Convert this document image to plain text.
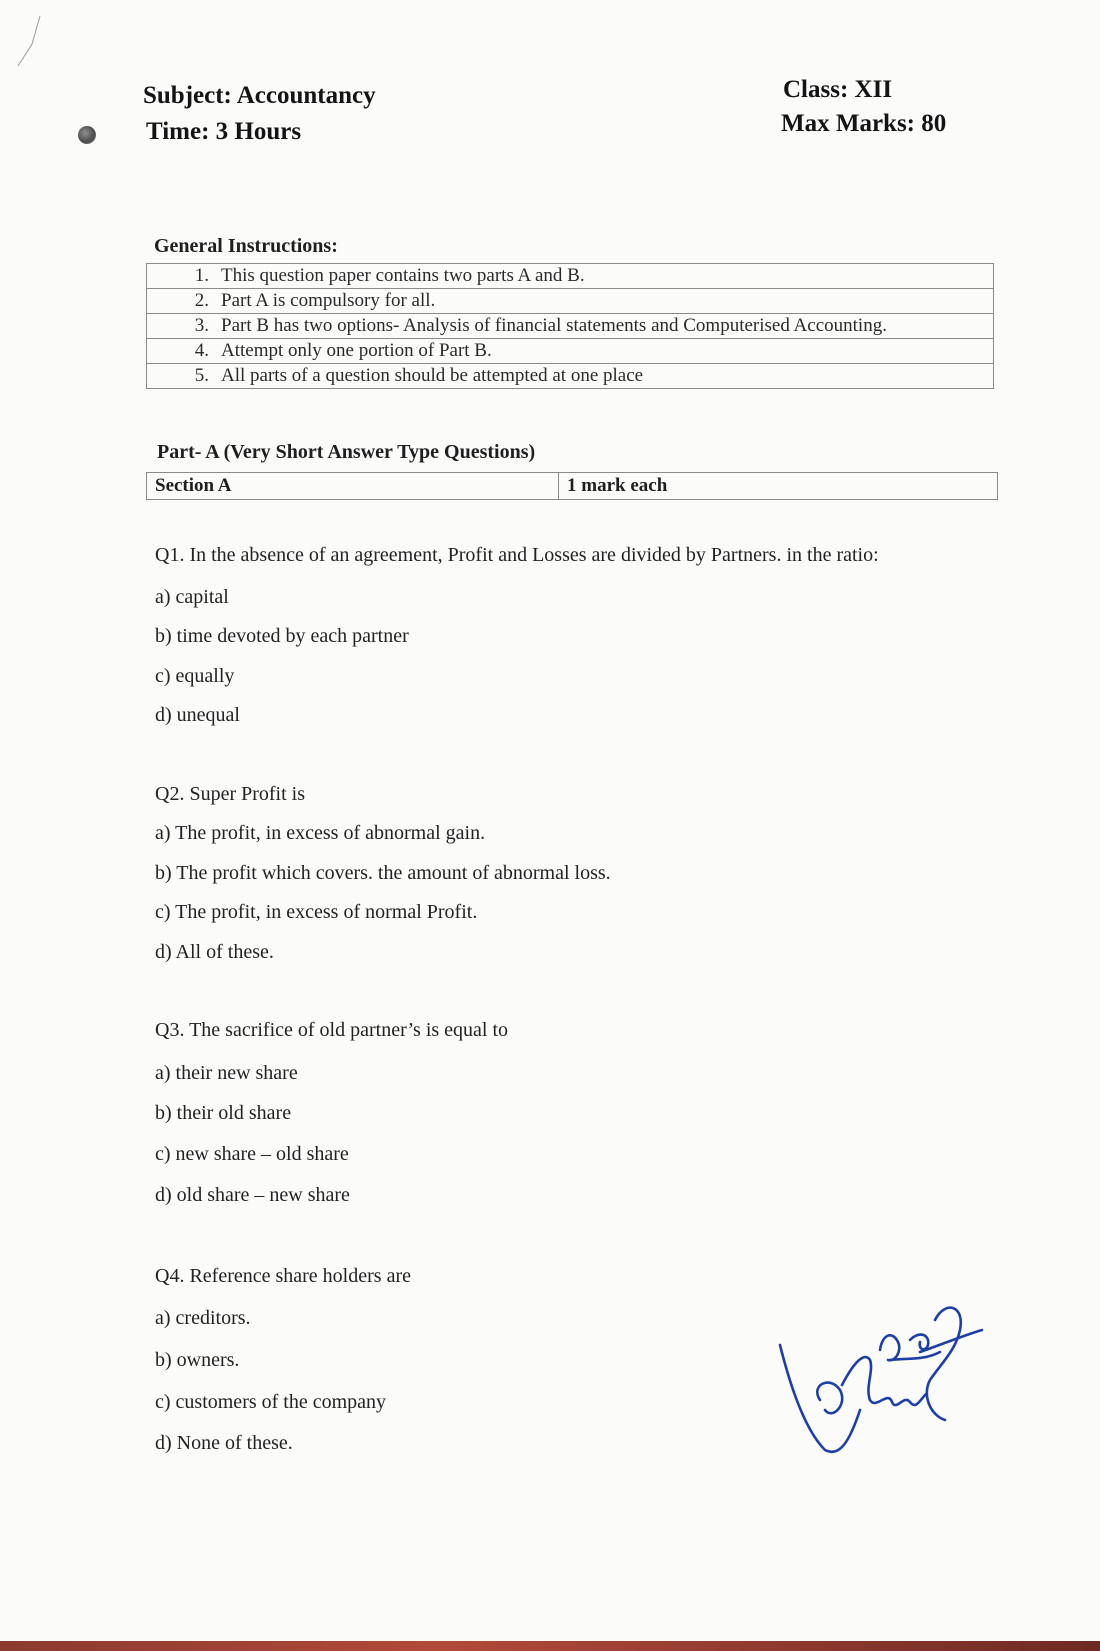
Subject: Accountancy
Time: 3 Hours
Class: XII
Max Marks: 80
General Instructions:
1. This question paper contains two parts A and B.
2. Part A is compulsory for all.
3. Part B has two options- Analysis of financial statements and Computerised Accounting.
4. Attempt only one portion of Part B.
5. All parts of a question should be attempted at one place
Part- A (Very Short Answer Type Questions)
Section A	1 mark each
Q1. In the absence of an agreement, Profit and Losses are divided by Partners. in the ratio:
a) capital
b) time devoted by each partner
c) equally
d) unequal
Q2. Super Profit is
a) The profit, in excess of abnormal gain.
b) The profit which covers. the amount of abnormal loss.
c) The profit, in excess of normal Profit.
d) All of these.
Q3. The sacrifice of old partner’s is equal to
a) their new share
b) their old share
c) new share – old share
d) old share – new share
Q4. Reference share holders are
a) creditors.
b) owners.
c) customers of the company
d) None of these.
